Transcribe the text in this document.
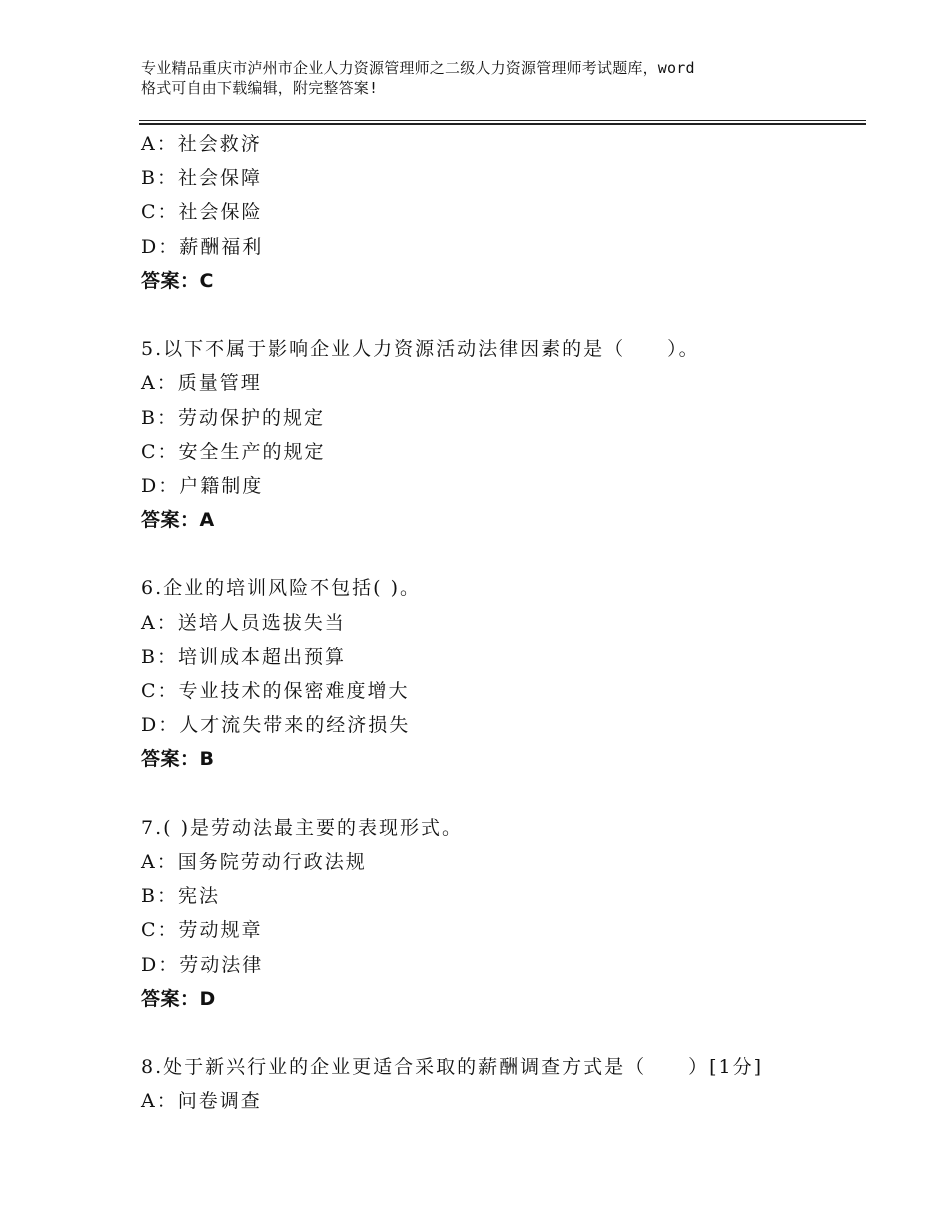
专业精品重庆市泸州市企业人力资源管理师之二级人力资源管理师考试题库，word
格式可自由下载编辑，附完整答案!
A：社会救济
B：社会保障
C：社会保险
D：薪酬福利
答案：C
5.以下不属于影响企业人力资源活动法律因素的是（　　）。
A：质量管理
B：劳动保护的规定
C：安全生产的规定
D：户籍制度
答案：A
6.企业的培训风险不包括( )。
A：送培人员选拔失当
B：培训成本超出预算
C：专业技术的保密难度增大
D：人才流失带来的经济损失
答案：B
7.( )是劳动法最主要的表现形式。
A：国务院劳动行政法规
B：宪法
C：劳动规章
D：劳动法律
答案：D
8.处于新兴行业的企业更适合采取的薪酬调查方式是（　　）[1分]
A：问卷调查
